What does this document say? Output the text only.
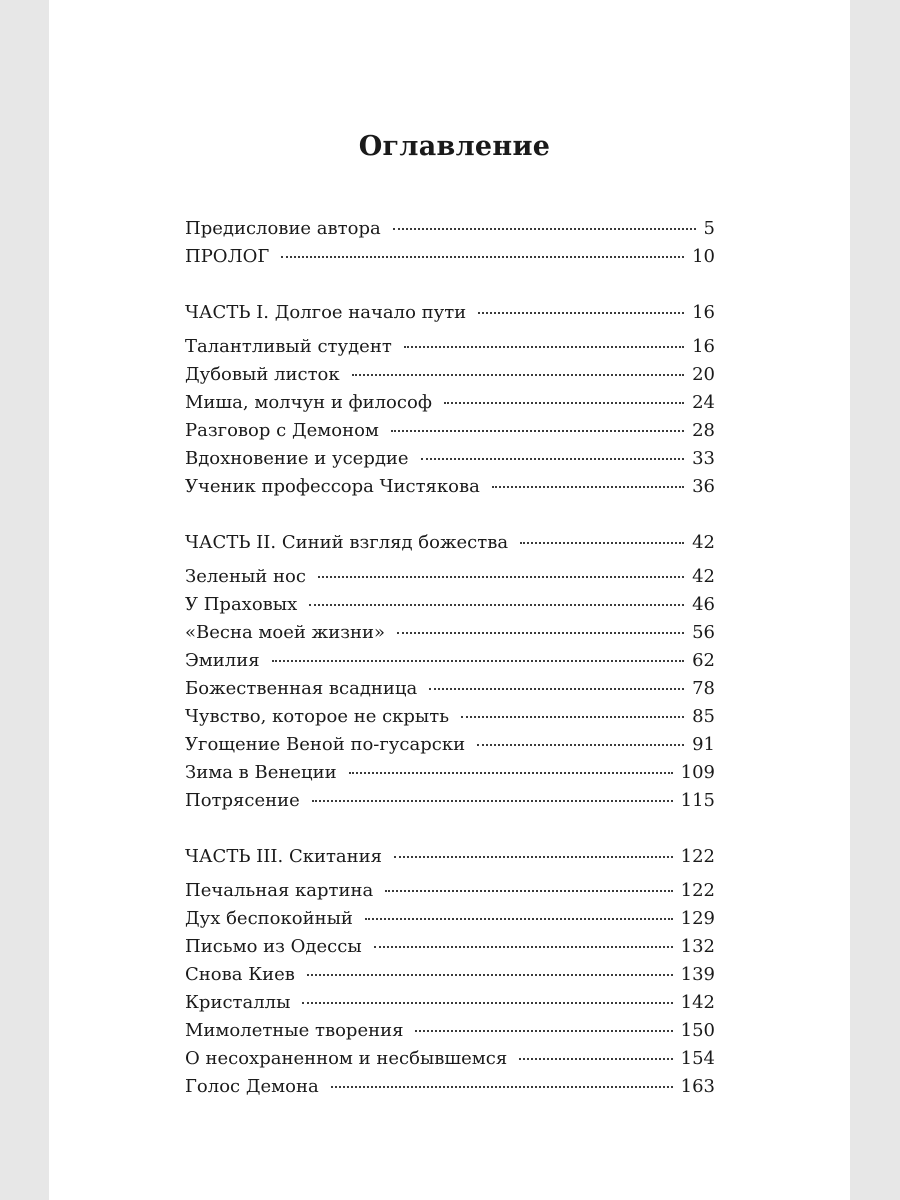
Оглавление
Предисловие автора	5
ПРОЛОГ	10
ЧАСТЬ I. Долгое начало пути	16
Талантливый студент	16
Дубовый листок	20
Миша, молчун и философ	24
Разговор с Демоном	28
Вдохновение и усердие	33
Ученик профессора Чистякова	36
ЧАСТЬ II. Синий взгляд божества	42
Зеленый нос	42
У Праховых	46
«Весна моей жизни»	56
Эмилия	62
Божественная всадница	78
Чувство, которое не скрыть	85
Угощение Веной по-гусарски	91
Зима в Венеции	109
Потрясение	115
ЧАСТЬ III. Скитания	122
Печальная картина	122
Дух беспокойный	129
Письмо из Одессы	132
Снова Киев	139
Кристаллы	142
Мимолетные творения	150
О несохраненном и несбывшемся	154
Голос Демона	163
